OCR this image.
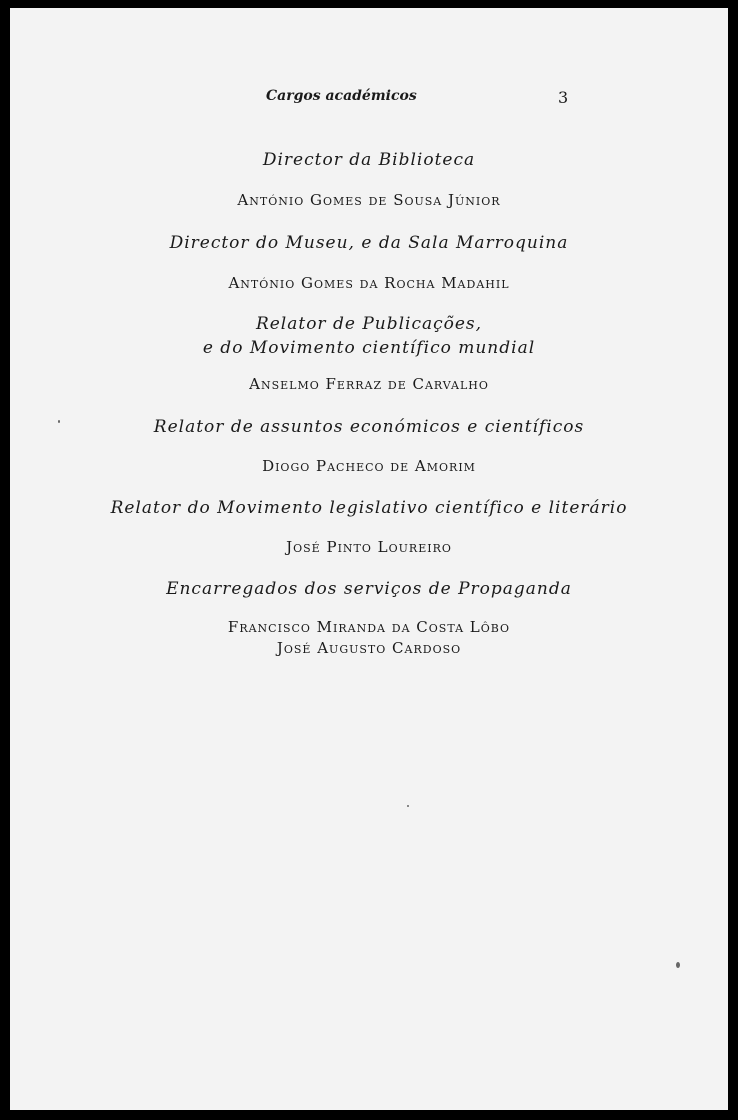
Cargos académicos	3
Director da Biblioteca
António Gomes de Sousa Júnior
Director do Museu, e da Sala Marroquina
António Gomes da Rocha Madahil
Relator de Publicações,
e do Movimento científico mundial
Anselmo Ferraz de Carvalho
Relator de assuntos económicos e científicos
Diogo Pacheco de Amorim
Relator do Movimento legislativo científico e literário
José Pinto Loureiro
Encarregados dos serviços de Propaganda
Francisco Miranda da Costa Lôbo
José Augusto Cardoso
